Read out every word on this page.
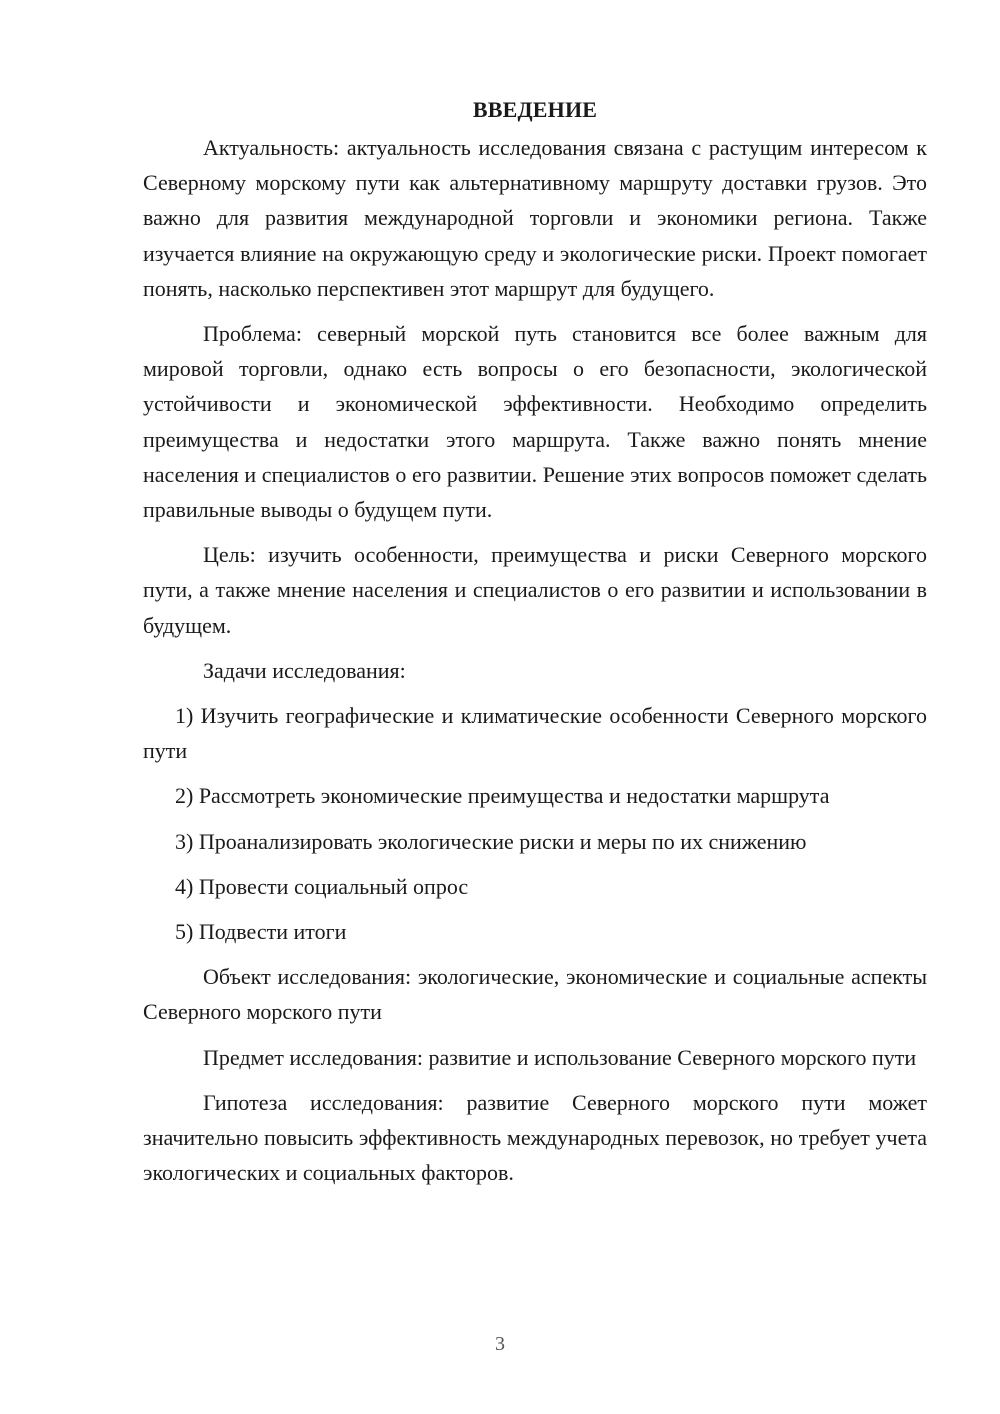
ВВЕДЕНИЕ

Актуальность: актуальность исследования связана с растущим интересом к Северному морскому пути как альтернативному маршруту доставки грузов. Это важно для развития международной торговли и экономики региона. Также изучается влияние на окружающую среду и экологические риски. Проект помогает понять, насколько перспективен этот маршрут для будущего.

Проблема: северный морской путь становится все более важным для мировой торговли, однако есть вопросы о его безопасности, экологической устойчивости и экономической эффективности. Необходимо определить преимущества и недостатки этого маршрута. Также важно понять мнение населения и специалистов о его развитии. Решение этих вопросов поможет сделать правильные выводы о будущем пути.

Цель: изучить особенности, преимущества и риски Северного морского пути, а также мнение населения и специалистов о его развитии и использовании в будущем.

Задачи исследования:

1) Изучить географические и климатические особенности Северного морского пути

2) Рассмотреть экономические преимущества и недостатки маршрута

3) Проанализировать экологические риски и меры по их снижению

4) Провести социальный опрос

5) Подвести итоги

Объект исследования: экологические, экономические и социальные аспекты Северного морского пути

Предмет исследования: развитие и использование Северного морского пути

Гипотеза исследования: развитие Северного морского пути может значительно повысить эффективность международных перевозок, но требует учета экологических и социальных факторов.

3
